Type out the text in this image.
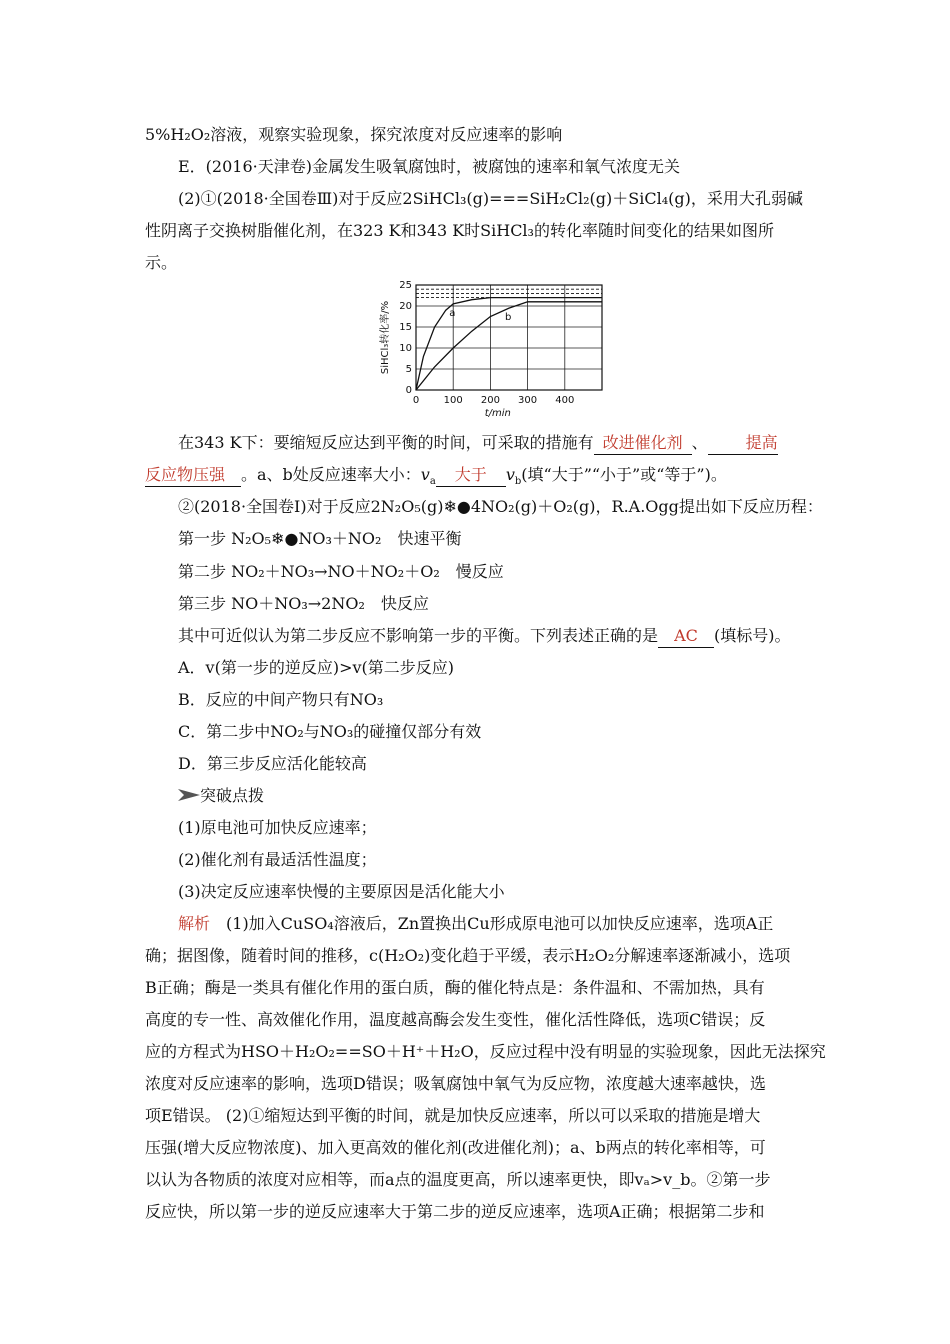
5%H₂O₂溶液，观察实验现象，探究浓度对反应速率的影响
E．(2016·天津卷)金属发生吸氧腐蚀时，被腐蚀的速率和氧气浓度无关
(2)①(2018·全国卷Ⅲ)对于反应2SiHCl₃(g)===SiH₂Cl₂(g)＋SiCl₄(g)，采用大孔弱碱
性阴离子交换树脂催化剂，在323 K和343 K时SiHCl₃的转化率随时间变化的结果如图所
示。
0
5
10
15
20
25
0 100 200 300 400
t/min
SiHCl₃转化率/%	a	b
在343 K下：要缩短反应达到平衡的时间，可采取的措施有 改进催化剂 、 提高
反应物压强 。a、b处反应速率大小：$v_a$ 大于 $v_b$(填“大于”“小于”或“等于”)。
②(2018·全国卷Ⅰ)对于反应2N₂O₅(g)❄●4NO₂(g)＋O₂(g)，R.A.Ogg提出如下反应历程：
第一步 N₂O₅❄●NO₃＋NO₂　快速平衡
第二步 NO₂＋NO₃→NO＋NO₂＋O₂　慢反应
第三步 NO＋NO₃→2NO₂　快反应
其中可近似认为第二步反应不影响第一步的平衡。下列表述正确的是 AC (填标号)。
A．v(第一步的逆反应)>v(第二步反应)
B．反应的中间产物只有NO₃
C．第二步中NO₂与NO₃的碰撞仅部分有效
D．第三步反应活化能较高
突破点拨
(1)原电池可加快反应速率；
(2)催化剂有最适活性温度；
(3)决定反应速率快慢的主要原因是活化能大小
解析　(1)加入CuSO₄溶液后，Zn置换出Cu形成原电池可以加快反应速率，选项A正
确；据图像，随着时间的推移，c(H₂O₂)变化趋于平缓，表示H₂O₂分解速率逐渐减小，选项
B正确；酶是一类具有催化作用的蛋白质，酶的催化特点是：条件温和、不需加热，具有
高度的专一性、高效催化作用，温度越高酶会发生变性，催化活性降低，选项C错误；反
应的方程式为HSO＋H₂O₂==SO＋H⁺＋H₂O，反应过程中没有明显的实验现象，因此无法探究
浓度对反应速率的影响，选项D错误；吸氧腐蚀中氧气为反应物，浓度越大速率越快，选
项E错误。 (2)①缩短达到平衡的时间，就是加快反应速率，所以可以采取的措施是增大
压强(增大反应物浓度)、加入更高效的催化剂(改进催化剂)；a、b两点的转化率相等，可
以认为各物质的浓度对应相等，而a点的温度更高，所以速率更快，即vₐ>v_b。②第一步
反应快，所以第一步的逆反应速率大于第二步的逆反应速率，选项A正确；根据第二步和
